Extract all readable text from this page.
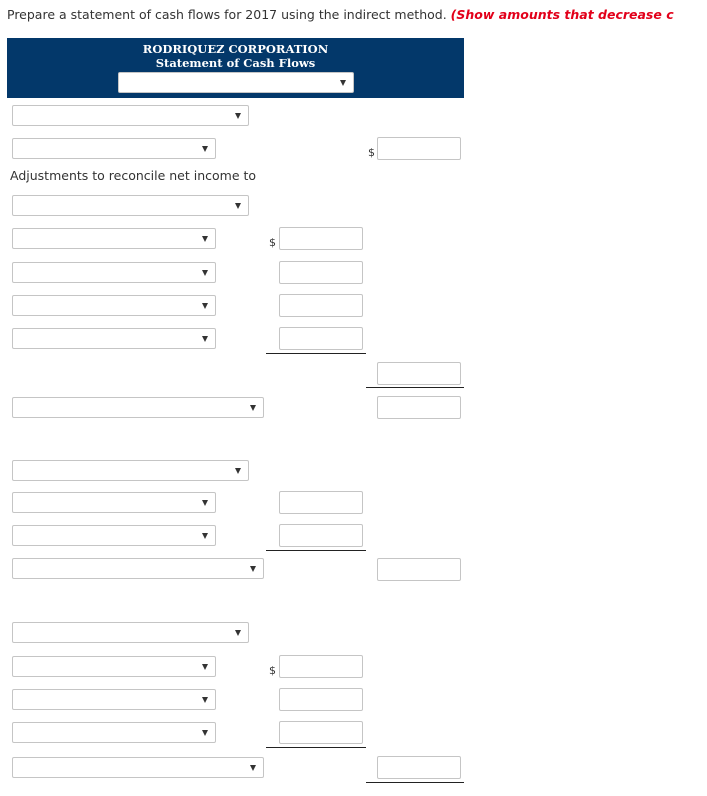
Prepare a statement of cash flows for 2017 using the indirect method. (Show amounts that decrease c
RODRIQUEZ CORPORATION
Statement of Cash Flows
$
Adjustments to reconcile net income to
$
$
